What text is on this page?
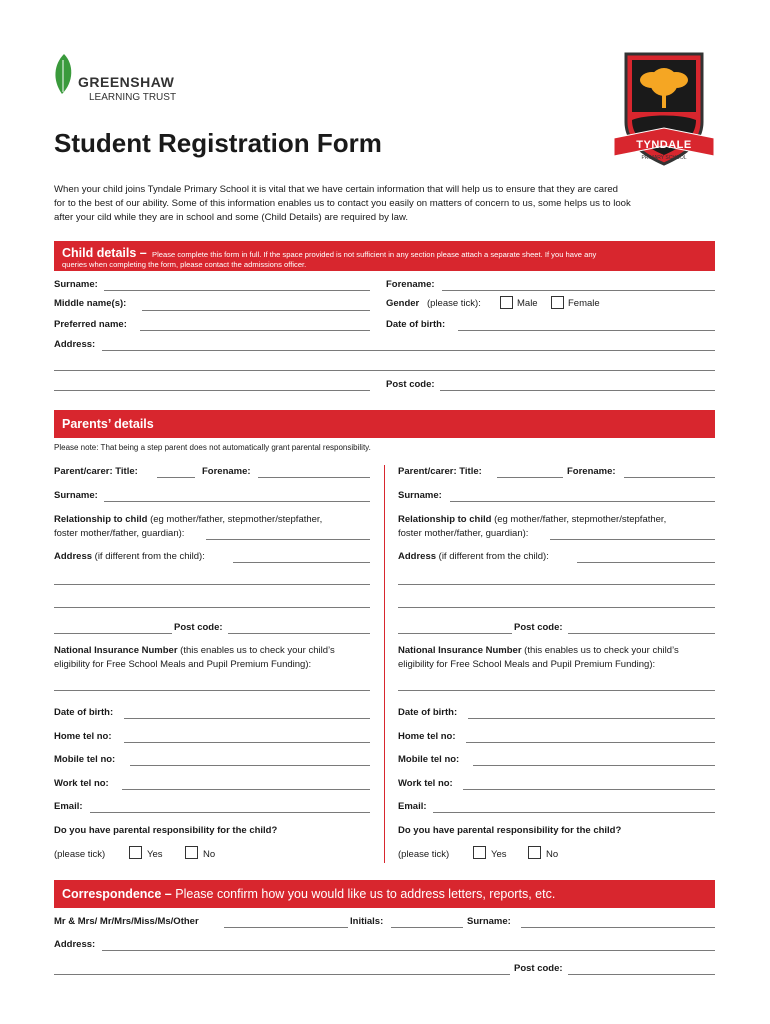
GREENSHAW
LEARNING TRUST
TYNDALE
PRIMARY SCHOOL
Student Registration Form
When your child joins Tyndale Primary School it is vital that we have certain information that will help us to ensure that they are cared
for to the best of our ability. Some of this information enables us to contact you easily on matters of concern to us, some helps us to look
after your cild while they are in school and some (Child Details) are required by law.
Child details – Please complete this form in full. If the space provided is not sufficient in any section please attach a separate sheet. If you have any
queries when completing the form, please contact the admissions officer.
Surname:	Forename:
Middle name(s):	Gender (please tick):	Male	Female
Preferred name:	Date of birth:
Address:
Post code:
Parents’ details
Please note: That being a step parent does not automatically grant parental responsibility.
Parent/carer: Title:	Forename:
Surname:
Relationship to child (eg mother/father, stepmother/stepfather,
foster mother/father, guardian):
Address (if different from the child):
Post code:
National Insurance Number (this enables us to check your child’s
eligibility for Free School Meals and Pupil Premium Funding):
Date of birth:
Home tel no:
Mobile tel no:
Work tel no:
Email:
Do you have parental responsibility for the child?
(please tick)	Yes	No
Parent/carer: Title:	Forename:
Surname:
Relationship to child (eg mother/father, stepmother/stepfather,
foster mother/father, guardian):
Address (if different from the child):
Post code:
National Insurance Number (this enables us to check your child’s
eligibility for Free School Meals and Pupil Premium Funding):
Date of birth:
Home tel no:
Mobile tel no:
Work tel no:
Email:
Do you have parental responsibility for the child?
(please tick)	Yes	No
Correspondence – Please confirm how you would like us to address letters, reports, etc.
Mr & Mrs/ Mr/Mrs/Miss/Ms/Other	Initials:	Surname:
Address:
Post code:
